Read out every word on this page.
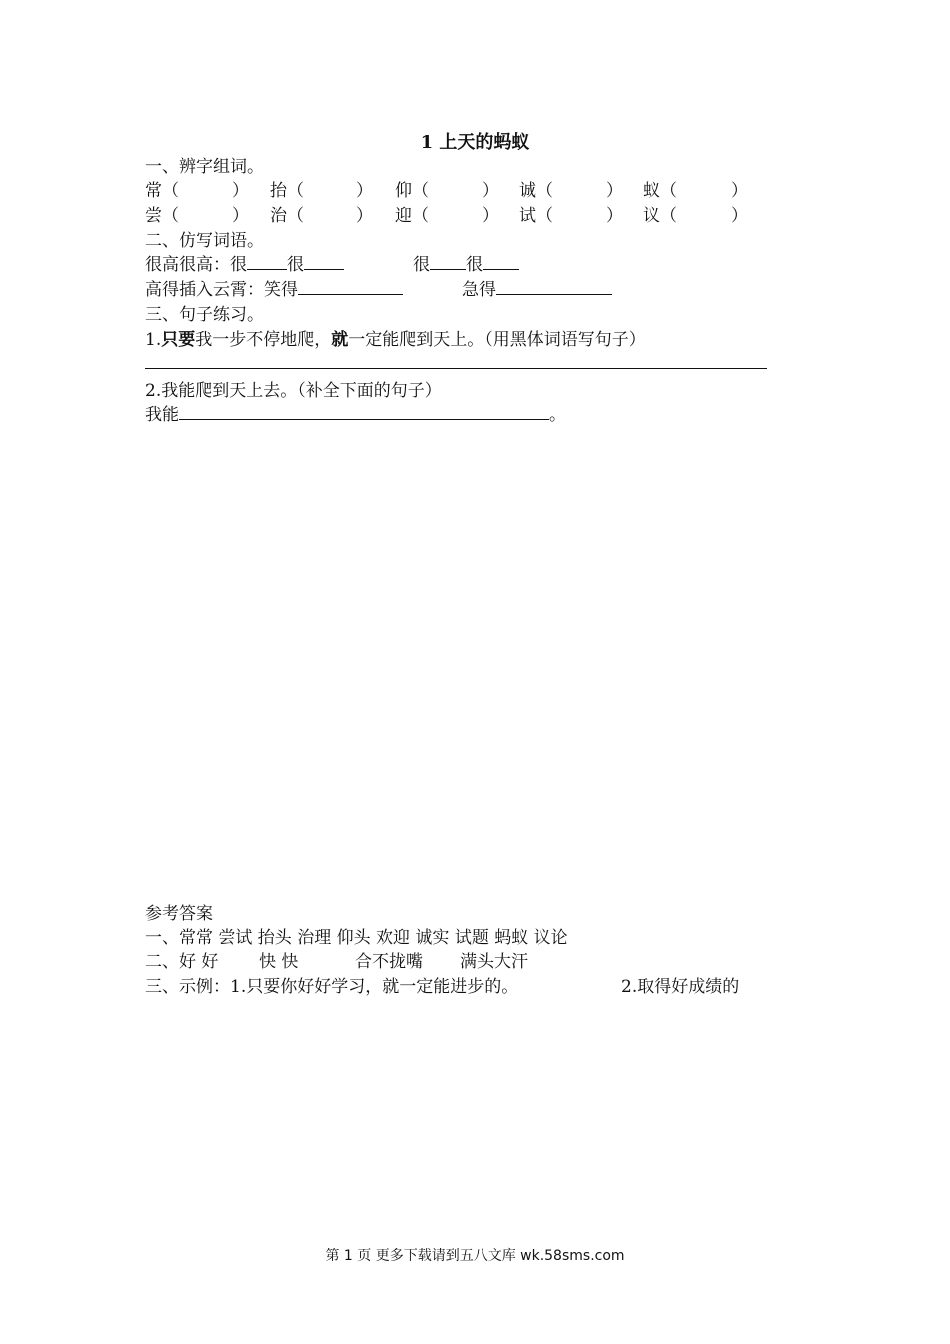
1 上天的蚂蚁
一、辨字组词。
常（	） 抬（	） 仰（	） 诚（	） 蚁（	）
尝（	） 治（	） 迎（	） 试（	） 议（	）
二、仿写词语。
很高很高：很 很	很 很
高得插入云霄：笑得	急得
三、句子练习。
1.只要我一步不停地爬，就一定能爬到天上。（用黑体词语写句子）
2.我能爬到天上去。（补全下面的句子）
我能	。
参考答案
一、常常 尝试 抬头 治理 仰头 欢迎 诚实 试题 蚂蚁 议论
二、好 好 快 快	合不拢嘴 满头大汗
三、示例：1.只要你好好学习，就一定能进步的。	2.取得好成绩的
第 1 页 更多下载请到五八文库 wk.58sms.com
